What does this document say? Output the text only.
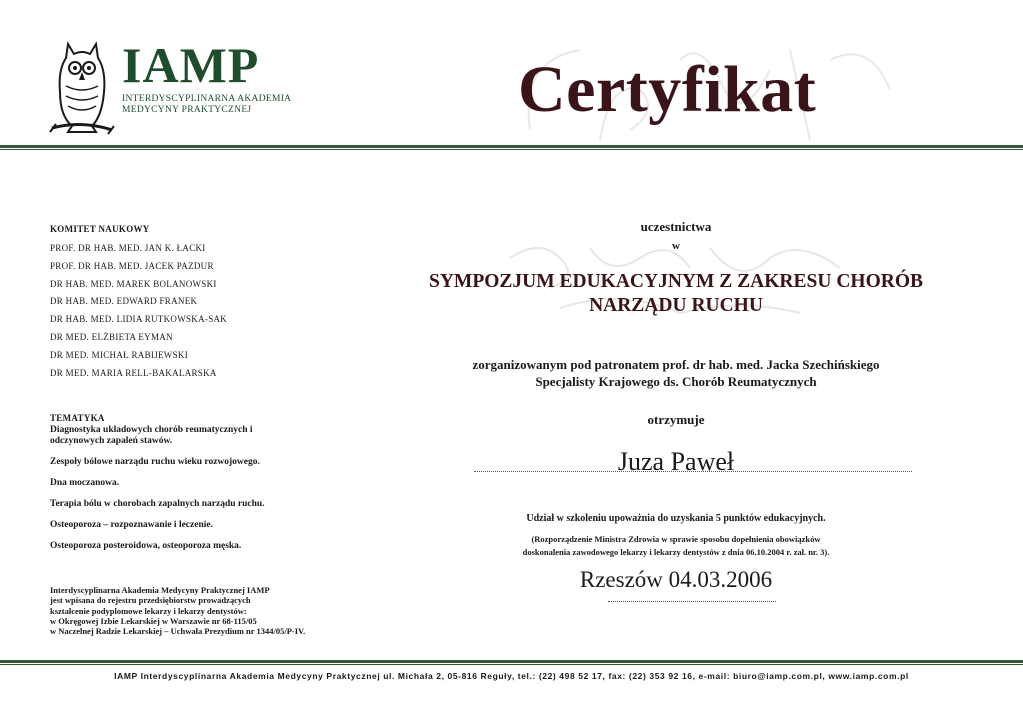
IAMP
INTERDYSCYPLINARNA AKADEMIA
MEDYCYNY PRAKTYCZNEJ	Certyfikat
KOMITET NAUKOWY
PROF. DR HAB. MED. JAN K. ŁACKI
PROF. DR HAB. MED. JACEK PAZDUR
DR HAB. MED. MAREK BOLANOWSKI
DR HAB. MED. EDWARD FRANEK
DR HAB. MED. LIDIA RUTKOWSKA-SAK
DR MED. ELŻBIETA EYMAN
DR MED. MICHAŁ RABIJEWSKI
DR MED. MARIA RELL-BAKALARSKA
TEMATYKA
Diagnostyka układowych chorób reumatycznych i odczynowych zapaleń stawów.
Zespoły bólowe narządu ruchu wieku rozwojowego.
Dna moczanowa.
Terapia bólu w chorobach zapalnych narządu ruchu.
Osteoporoza – rozpoznawanie i leczenie.
Osteoporoza posteroidowa, osteoporoza męska.
Interdyscyplinarna Akademia Medycyny Praktycznej IAMP
jest wpisana do rejestru przedsiębiorstw prowadzących
kształcenie podyplomowe lekarzy i lekarzy dentystów:
w Okręgowej Izbie Lekarskiej w Warszawie nr 68-115/05
w Naczelnej Radzie Lekarskiej – Uchwała Prezydium nr 1344/05/P-IV.
uczestnictwa
w
SYMPOZJUM EDUKACYJNYM Z ZAKRESU CHORÓB
NARZĄDU RUCHU
zorganizowanym pod patronatem prof. dr hab. med. Jacka Szechińskiego
Specjalisty Krajowego ds. Chorób Reumatycznych
otrzymuje
Juza Paweł
Udział w szkoleniu upoważnia do uzyskania 5 punktów edukacyjnych.
(Rozporządzenie Ministra Zdrowia w sprawie sposobu dopełnienia obowiązków
doskonalenia zawodowego lekarzy i lekarzy dentystów z dnia 06.10.2004 r. zał. nr. 3).
Rzeszów 04.03.2006
IAMP Interdyscyplinarna Akademia Medycyny Praktycznej ul. Michała 2, 05-816 Reguły, tel.: (22) 498 52 17, fax: (22) 353 92 16, e-mail: biuro@iamp.com.pl, www.iamp.com.pl
